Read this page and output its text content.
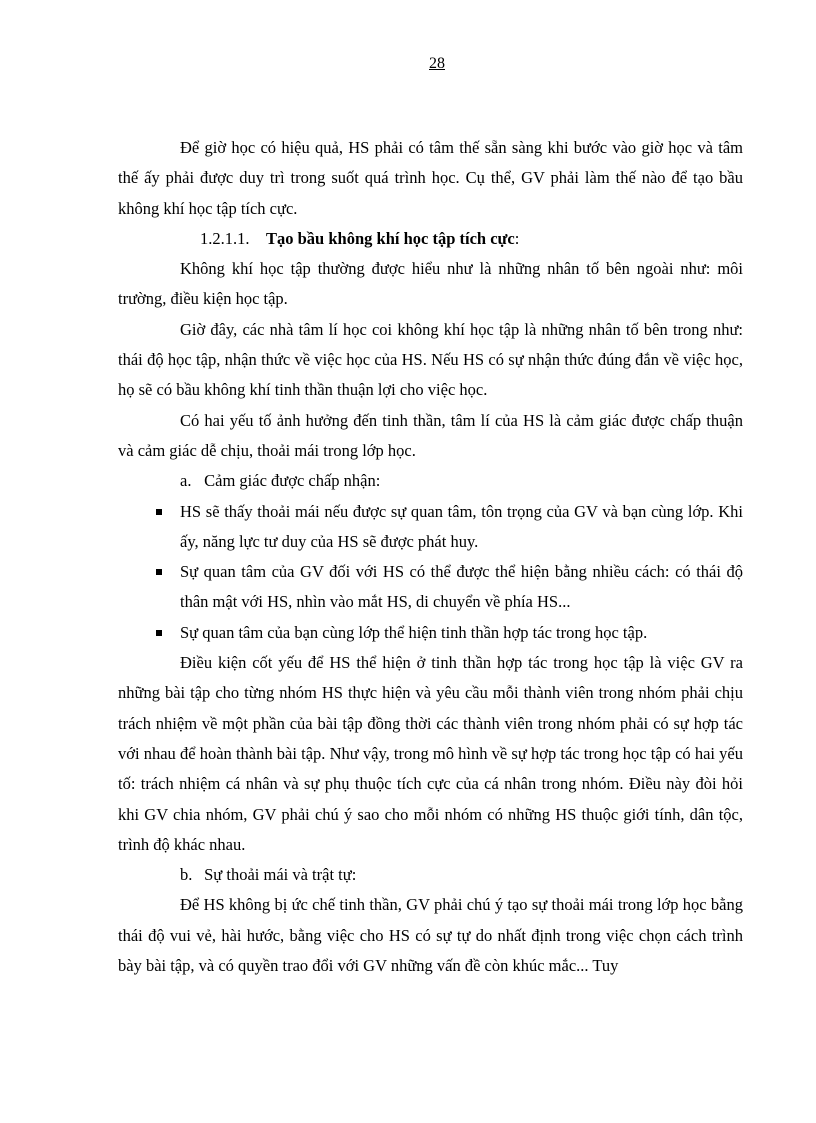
28

Để giờ học có hiệu quả, HS phải có tâm thế sẵn sàng khi bước vào giờ học và tâm thế ấy phải được duy trì trong suốt quá trình học. Cụ thể, GV phải làm thế nào để tạo bầu không khí học tập tích cực.

1.2.1.1. Tạo bầu không khí học tập tích cực:

Không khí học tập thường được hiểu như là những nhân tố bên ngoài như: môi trường, điều kiện học tập.

Giờ đây, các nhà tâm lí học coi không khí học tập là những nhân tố bên trong như: thái độ học tập, nhận thức về việc học của HS. Nếu HS có sự nhận thức đúng đắn về việc học, họ sẽ có bầu không khí tinh thần thuận lợi cho việc học.

Có hai yếu tố ảnh hưởng đến tinh thần, tâm lí của HS là cảm giác được chấp thuận và cảm giác dễ chịu, thoải mái trong lớp học.

a. Cảm giác được chấp nhận:

HS sẽ thấy thoải mái nếu được sự quan tâm, tôn trọng của GV và bạn cùng lớp. Khi ấy, năng lực tư duy của HS sẽ được phát huy.
Sự quan tâm của GV đối với HS có thể được thể hiện bằng nhiều cách: có thái độ thân mật với HS, nhìn vào mắt HS, di chuyển về phía HS...
Sự quan tâm của bạn cùng lớp thể hiện tinh thần hợp tác trong học tập.

Điều kiện cốt yếu để HS thể hiện ở tinh thần hợp tác trong học tập là việc GV ra những bài tập cho từng nhóm HS thực hiện và yêu cầu mỗi thành viên trong nhóm phải chịu trách nhiệm về một phần của bài tập đồng thời các thành viên trong nhóm phải có sự hợp tác với nhau để hoàn thành bài tập. Như vậy, trong mô hình về sự hợp tác trong học tập có hai yếu tố: trách nhiệm cá nhân và sự phụ thuộc tích cực của cá nhân trong nhóm. Điều này đòi hỏi khi GV chia nhóm, GV phải chú ý sao cho mỗi nhóm có những HS thuộc giới tính, dân tộc, trình độ khác nhau.

b. Sự thoải mái và trật tự:

Để HS không bị ức chế tinh thần, GV phải chú ý tạo sự thoải mái trong lớp học bằng thái độ vui vẻ, hài hước, bằng việc cho HS có sự tự do nhất định trong việc chọn cách trình bày bài tập, và có quyền trao đổi với GV những vấn đề còn khúc mắc... Tuy
